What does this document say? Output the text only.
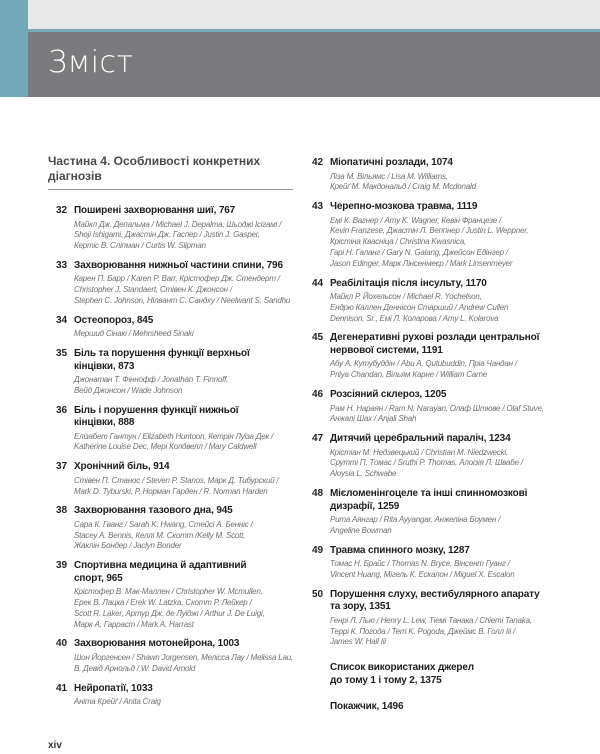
Зміст
Частина 4. Особливості конкретних
діагнозів
32 Поширені захворювання шиї, 767
Майкл Дж. Депальма / Michael J. Depalma, Шьоджі Ісігамі /
Shoji Ishigami, Джастін Дж. Гаспер / Justin J. Gasper,
Кертіс В. Сліпман / Curtis W. Slipman
33 Захворювання нижньої частини спини, 796
Карен П. Барр / Karen P. Barr, Крістофер Дж. Стендерт /
Christopher J. Standaert, Стівен К. Джонсон /
Stephen C. Johnson, Нілвант С. Сандху / Neelwant S. Sandhu
34 Остеопороз, 845
Мершид Сінакі / Mehrsheed Sinaki
35 Біль та порушення функції верхньої
кінцівки, 873
Джонатан Т. Фіннофф / Jonathan T. Finnoff,
Вейд Джонсон / Wade Johnson
36 Біль і порушення функції нижньої
кінцівки, 888
Елізабет Гантун / Elizabeth Huntoon, Кетрін Луїза Дек /
Katherine Louise Dec, Мері Колдвелл / Mary Caldwell
37 Хронічний біль, 914
Стівен П. Станос / Steven P. Stanos, Марк Д. Тибурский /
Mark D. Tyburski, Р. Норман Гарден / R. Norman Harden
38 Захворювання тазового дна, 945
Сара К. Гванг / Sarah K. Hwang, Стейсі А. Бенніс /
Stacey A. Bennis, Келлі М. Скотт /Kelly M. Scott,
Жаклін Бондер / Jaclyn Bonder
39 Спортивна медицина й адаптивний
спорт, 965
Крістофер В. Мак-Маллен / Christopher W. Mcmullen,
Ерек В. Лацка / Erek W. Latzka, Скотт Р. Лейкер /
Scott R. Laker, Артур Дж. де Луїджі / Arthur J. De Luigi,
Марк А. Гарраст / Mark A. Harrast
40 Захворювання мотонейрона, 1003
Шон Йоргенсен / Shawn Jorgensen, Мелісса Лау / Melissa Lau,
В. Девід Арнольд / W. David Arnold
41 Нейропатії, 1033
Аніта Крейґ / Anita Craig
42 Міопатичні розлади, 1074
Ліза М. Вільямс / Lisa M. Williams,
Крейґ М. Макдональд / Craig M. Mcdonald
43 Черепно-мозкова травма, 1119
Емі К. Вагнер / Amy K. Wagner, Кевін Францезе /
Kevin Franzese, Джастін Л. Веппнер / Justin L. Weppner,
Крістіна Квасніца / Christina Kwasnica,
Гарі Н. Галанг / Gary N. Galang, Джейсон Едінгер /
Jason Edinger, Марк Лінсенмеєр / Mark Linsenmeyer
44 Реабілітація після інсульту, 1170
Майкл Р. Йохельсон / Michael R. Yochelson,
Ендрю Каллен Деннісон Старший / Andrew Cullen
Dennison, Sr., Емі Л. Коларова / Amy L. Kolarova
45 Дегенеративні рухові розлади центральної
нервової системи, 1191
Абу А. Кутубуддін / Abu A. Qutubuddin, Пріа Чандан /
Priiya Chandan, Вільям Карне / William Carne
46 Розсіяний склероз, 1205
Рам Н. Нараян / Ram N. Narayan, Олаф Штюве / Olaf Stuve,
Анжалі Шах / Anjali Shah
47 Дитячий церебральний параліч, 1234
Крістіан М. Недзвецький / Christian M. Niedzwecki,
Срутті П. Томас / Sruthi P. Thomas, Алоізія Л. Швабе /
Aloysia L. Schwabe
48 Мієломенінгоцеле та інші спинномозкові
дизрафії, 1259
Рита Аянгар / Rita Ayyangar, Анжеліна Боумен /
Angeline Bowman
49 Травма спинного мозку, 1287
Томас Н. Брайс / Thomas N. Bryce, Вінсент Гуанг /
Vincent Huang, Мігель К. Ескалон / Miguel X. Escalon
50 Порушення слуху, вестибулярного апарату
та зору, 1351
Генрі Л. Лью / Henry L. Lew, Тіемі Танака / Chiemi Tanaka,
Террі К. Погода / Terri K. Pogoda, Джеймс В. Голл Ііі /
James W. Hall Iii
Список використаних джерел
до тому 1 і тому 2, 1375
Покажчик, 1496
xiv
